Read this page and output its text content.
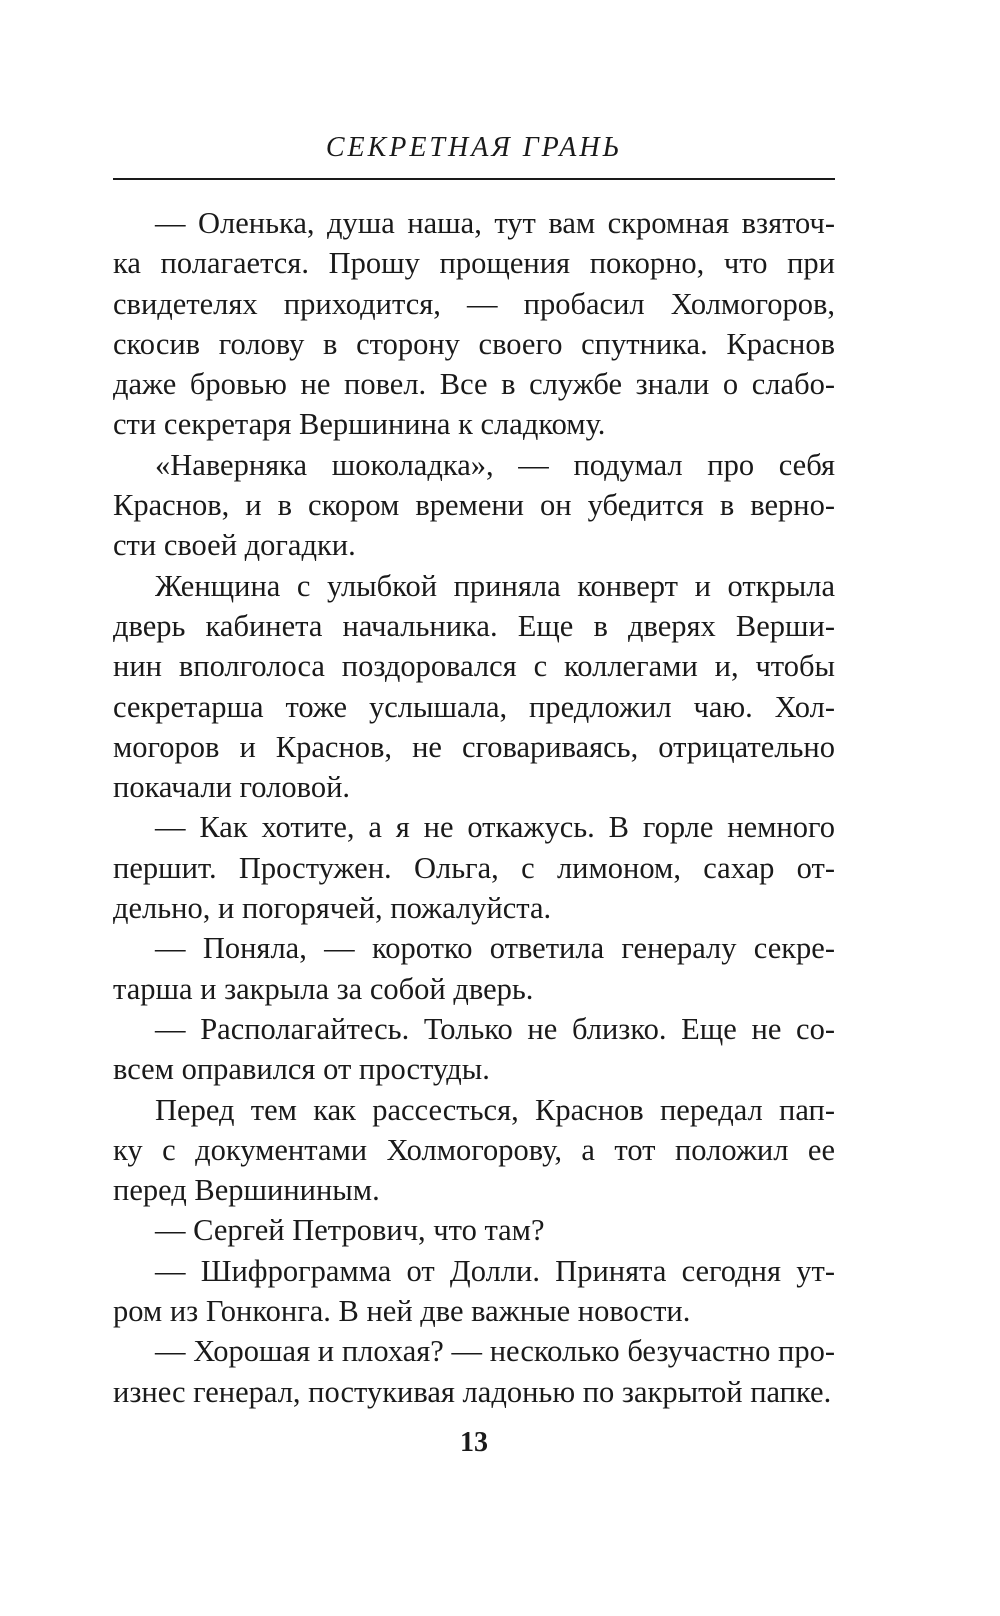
СЕКРЕТНАЯ ГРАНЬ
— Оленька, душа наша, тут вам скромная взяточ-
ка полагается. Прошу прощения покорно, что при
свидетелях приходится, — пробасил Холмогоров,
скосив голову в сторону своего спутника. Краснов
даже бровью не повел. Все в службе знали о слабо-
сти секретаря Вершинина к сладкому.
«Наверняка шоколадка», — подумал про себя
Краснов, и в скором времени он убедится в верно-
сти своей догадки.
Женщина с улыбкой приняла конверт и открыла
дверь кабинета начальника. Еще в дверях Верши-
нин вполголоса поздоровался с коллегами и, чтобы
секретарша тоже услышала, предложил чаю. Хол-
могоров и Краснов, не сговариваясь, отрицательно
покачали головой.
— Как хотите, а я не откажусь. В горле немного
першит. Простужен. Ольга, с лимоном, сахар от-
дельно, и погорячей, пожалуйста.
— Поняла, — коротко ответила генералу секре-
тарша и закрыла за собой дверь.
— Располагайтесь. Только не близко. Еще не со-
всем оправился от простуды.
Перед тем как рассесться, Краснов передал пап-
ку с документами Холмогорову, а тот положил ее
перед Вершининым.
— Сергей Петрович, что там?
— Шифрограмма от Долли. Принята сегодня ут-
ром из Гонконга. В ней две важные новости.
— Хорошая и плохая? — несколько безучастно про-
изнес генерал, постукивая ладонью по закрытой папке.
13
